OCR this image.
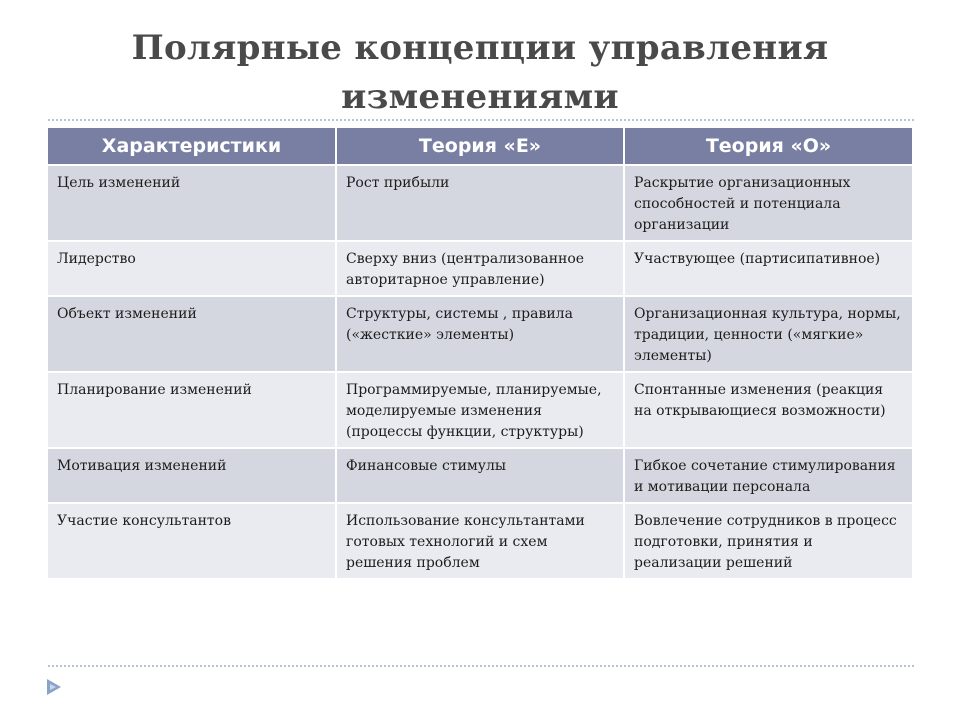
Полярные концепции управления
изменениями
Характеристики	Теория «Е»	Теория «О»
Цель изменений	Рост прибыли	Раскрытие организационных способностей и потенциала организации
Лидерство	Сверху вниз (централизованное авторитарное управление)	Участвующее (партисипативное)
Объект изменений	Структуры, системы , правила («жесткие» элементы)	Организационная культура, нормы, традиции, ценности («мягкие» элементы)
Планирование изменений	Программируемые, планируемые, моделируемые изменения (процессы функции, структуры)	Спонтанные изменения (реакция на открывающиеся возможности)
Мотивация изменений	Финансовые стимулы	Гибкое сочетание стимулирования и мотивации персонала
Участие консультантов	Использование консультантами готовых технологий и схем решения проблем	Вовлечение сотрудников в процесс подготовки, принятия и реализации решений
